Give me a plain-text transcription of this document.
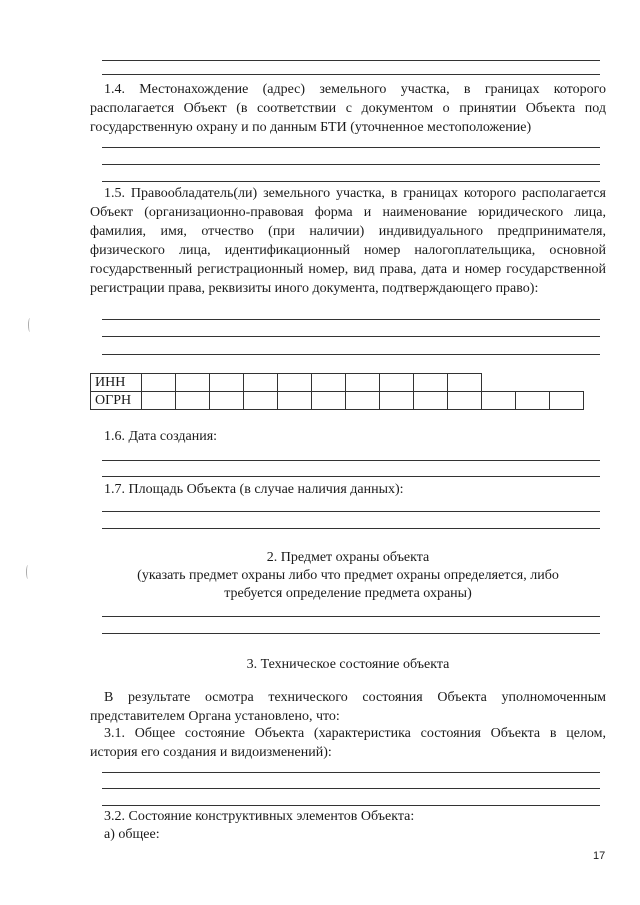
1.4. Местонахождение (адрес) земельного участка, в границах которого располагается Объект (в соответствии с документом о принятии Объекта под государственную охрану и по данным БТИ (уточненное местоположение)
1.5. Правообладатель(ли) земельного участка, в границах которого располагается Объект (организационно-правовая форма и наименование юридического лица, фамилия, имя, отчество (при наличии) индивидуального предпринимателя, физического лица, идентификационный номер налогоплательщика, основной государственный регистрационный номер, вид права, дата и номер государственной регистрации права, реквизиты иного документа, подтверждающего право):
ИНН													
ОГРН													
1.6. Дата создания:
1.7. Площадь Объекта (в случае наличия данных):
2. Предмет охраны объекта
(указать предмет охраны либо что предмет охраны определяется, либо
требуется определение предмета охраны)
3. Техническое состояние объекта
В результате осмотра технического состояния Объекта уполномоченным представителем Органа установлено, что:
3.1. Общее состояние Объекта (характеристика состояния Объекта в целом, история его создания и видоизменений):
3.2. Состояние конструктивных элементов Объекта:
а) общее:
17
